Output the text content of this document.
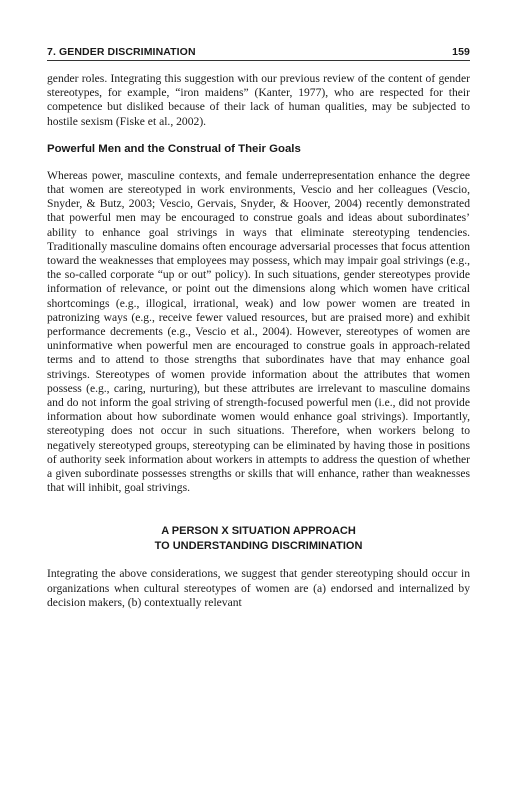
7. GENDER DISCRIMINATION	159

gender roles. Integrating this suggestion with our previous review of the content of gender stereotypes, for example, “iron maidens” (Kanter, 1977), who are respected for their competence but disliked because of their lack of human qualities, may be subjected to hostile sexism (Fiske et al., 2002).

Powerful Men and the Construal of Their Goals

Whereas power, masculine contexts, and female underrepresentation enhance the degree that women are stereotyped in work environments, Vescio and her colleagues (Vescio, Snyder, & Butz, 2003; Vescio, Gervais, Snyder, & Hoover, 2004) recently demonstrated that powerful men may be encouraged to construe goals and ideas about subordinates’ ability to enhance goal strivings in ways that eliminate stereotyping tendencies. Traditionally masculine domains often encourage adversarial processes that focus attention toward the weaknesses that employees may possess, which may impair goal strivings (e.g., the so-called corporate “up or out” policy). In such situations, gender stereotypes provide information of relevance, or point out the dimensions along which women have critical shortcomings (e.g., illogical, irrational, weak) and low power women are treated in patronizing ways (e.g., receive fewer valued resources, but are praised more) and exhibit performance decrements (e.g., Vescio et al., 2004). However, stereotypes of women are uninformative when powerful men are encouraged to construe goals in approach-related terms and to attend to those strengths that subordinates have that may enhance goal strivings. Stereotypes of women provide information about the attributes that women possess (e.g., caring, nurturing), but these attributes are irrelevant to masculine domains and do not inform the goal striving of strength-focused powerful men (i.e., did not provide information about how subordinate women would enhance goal strivings). Importantly, stereotyping does not occur in such situations. Therefore, when workers belong to negatively stereotyped groups, stereotyping can be eliminated by having those in positions of authority seek information about workers in attempts to address the question of whether a given subordinate possesses strengths or skills that will enhance, rather than weaknesses that will inhibit, goal strivings.

A PERSON X SITUATION APPROACH
TO UNDERSTANDING DISCRIMINATION

Integrating the above considerations, we suggest that gender stereotyping should occur in organizations when cultural stereotypes of women are (a) endorsed and internalized by decision makers, (b) contextually relevant
